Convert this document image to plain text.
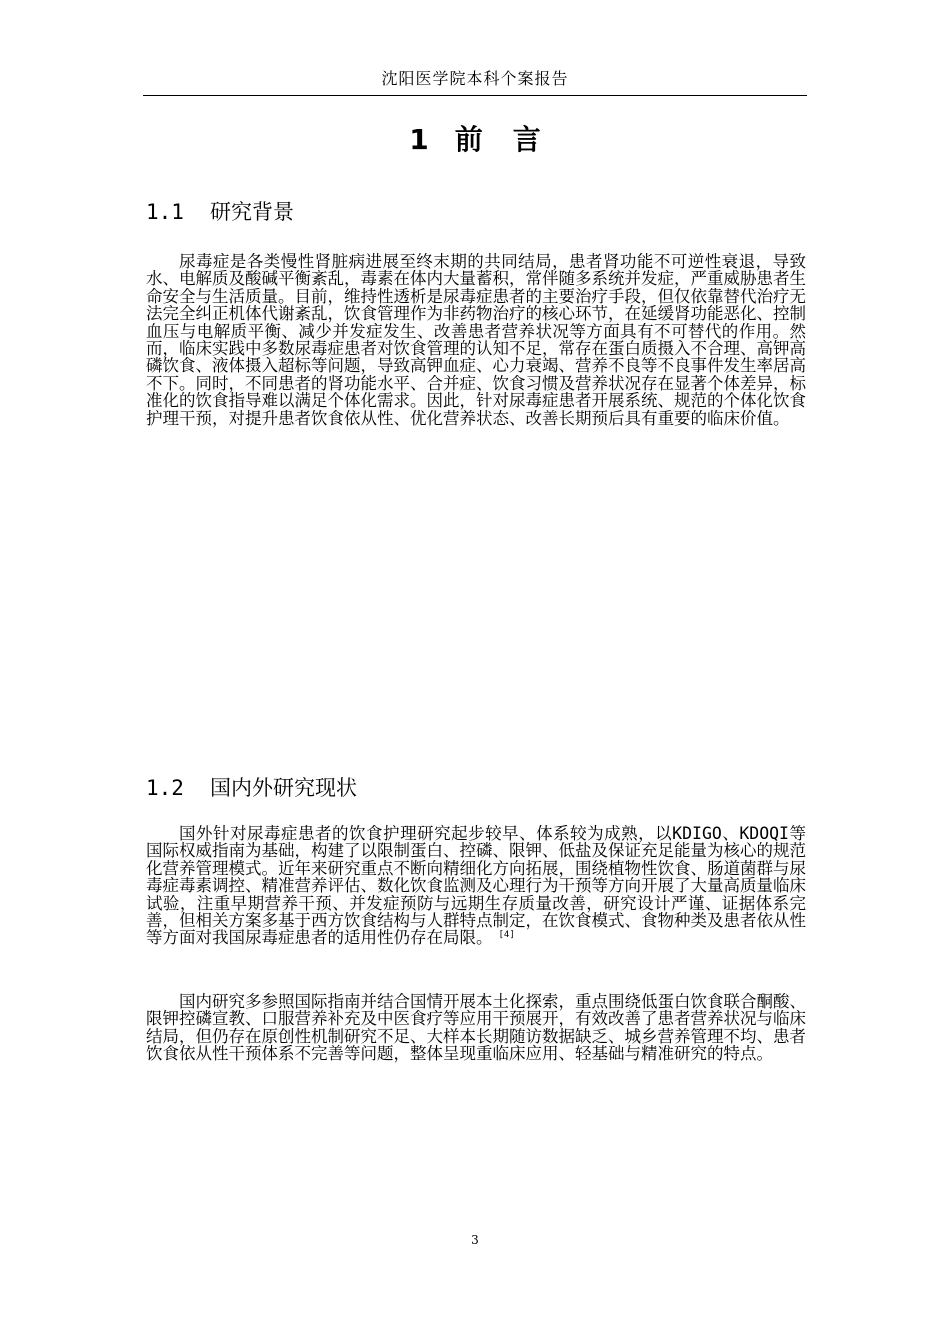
沈阳医学院本科个案报告
1 前 言
1.1 研究背景

尿毒症是各类慢性肾脏病进展至终末期的共同结局，患者肾功能不可逆性衰退，导致水、电解质及酸碱平衡紊乱，毒素在体内大量蓄积，常伴随多系统并发症，严重威胁患者生命安全与生活质量。目前，维持性透析是尿毒症患者的主要治疗手段，但仅依靠替代治疗无法完全纠正机体代谢紊乱，饮食管理作为非药物治疗的核心环节，在延缓肾功能恶化、控制血压与电解质平衡、减少并发症发生、改善患者营养状况等方面具有不可替代的作用。然而，临床实践中多数尿毒症患者对饮食管理的认知不足，常存在蛋白质摄入不合理、高钾高磷饮食、液体摄入超标等问题，导致高钾血症、心力衰竭、营养不良等不良事件发生率居高不下。同时，不同患者的肾功能水平、合并症、饮食习惯及营养状况存在显著个体差异，标准化的饮食指导难以满足个体化需求。因此，针对尿毒症患者开展系统、规范的个体化饮食护理干预，对提升患者饮食依从性、优化营养状态、改善长期预后具有重要的临床价值。

1.2 国内外研究现状

国外针对尿毒症患者的饮食护理研究起步较早、体系较为成熟，以KDIGO、KDOQI等国际权威指南为基础，构建了以限制蛋白、控磷、限钾、低盐及保证充足能量为核心的规范化营养管理模式。近年来研究重点不断向精细化方向拓展，围绕植物性饮食、肠道菌群与尿毒症毒素调控、精准营养评估、数化饮食监测及心理行为干预等方向开展了大量高质量临床试验，注重早期营养干预、并发症预防与远期生存质量改善，研究设计严谨、证据体系完善，但相关方案多基于西方饮食结构与人群特点制定，在饮食模式、食物种类及患者依从性等方面对我国尿毒症患者的适用性仍存在局限。 [4]

国内研究多参照国际指南并结合国情开展本土化探索，重点围绕低蛋白饮食联合酮酸、限钾控磷宣教、口服营养补充及中医食疗等应用干预展开，有效改善了患者营养状况与临床结局，但仍存在原创性机制研究不足、大样本长期随访数据缺乏、城乡营养管理不均、患者饮食依从性干预体系不完善等问题，整体呈现重临床应用、轻基础与精准研究的特点。

3
